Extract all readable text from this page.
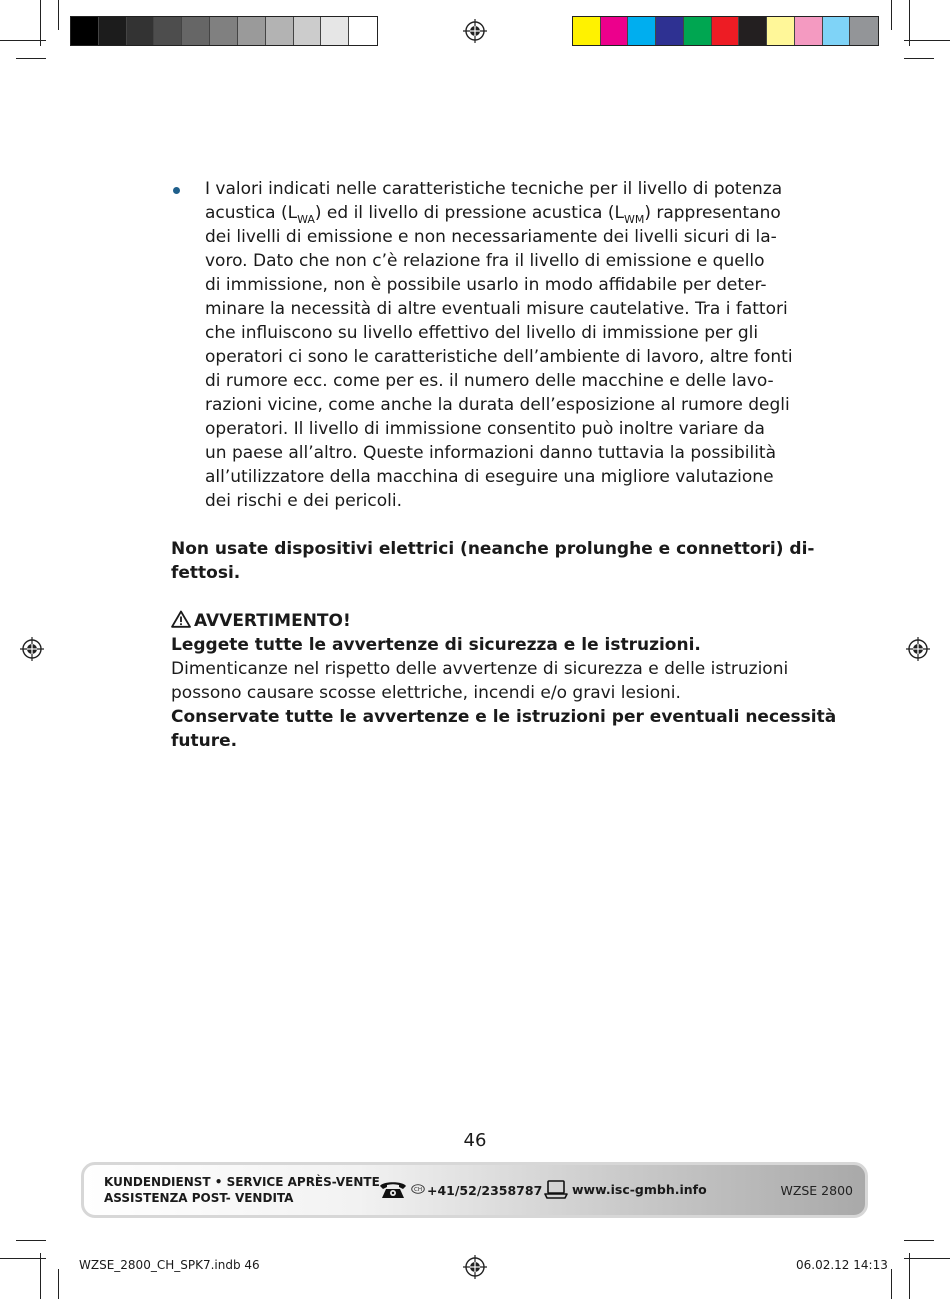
I valori indicati nelle caratteristiche tecniche per il livello di potenza

acustica $(L_{WA})$ ed il livello di pressione acustica $(L_{WM})$ rappresentano

dei livelli di emissione e non necessariamente dei livelli sicuri di la-

voro. Dato che non c’è relazione fra il livello di emissione e quello

di immissione, non è possibile usarlo in modo affidabile per deter-

minare la necessità di altre eventuali misure cautelative. Tra i fattori

che influiscono su livello effettivo del livello di immissione per gli

operatori ci sono le caratteristiche dell’ambiente di lavoro, altre fonti

di rumore ecc. come per es. il numero delle macchine e delle lavo-

razioni vicine, come anche la durata dell’esposizione al rumore degli

operatori. Il livello di immissione consentito può inoltre variare da

un paese all’altro. Queste informazioni danno tuttavia la possibilità

all’utilizzatore della macchina di eseguire una migliore valutazione

dei rischi e dei pericoli.

Non usate dispositivi elettrici (neanche prolunghe e connettori) di-

fettosi.

AVVERTIMENTO!

Leggete tutte le avvertenze di sicurezza e le istruzioni.

Dimenticanze nel rispetto delle avvertenze di sicurezza e delle istruzioni

possono causare scosse elettriche, incendi e/o gravi lesioni.

Conservate tutte le avvertenze e le istruzioni per eventuali necessità

future.

46
KUNDENDIENST • SERVICE APRÈS-VENTE
ASSISTENZA POST- VENDITA
CH +41/52/2358787 www.isc-gmbh.info	WZSE 2800
WZSE_2800_CH_SPK7.indb 46	06.02.12 14:13
